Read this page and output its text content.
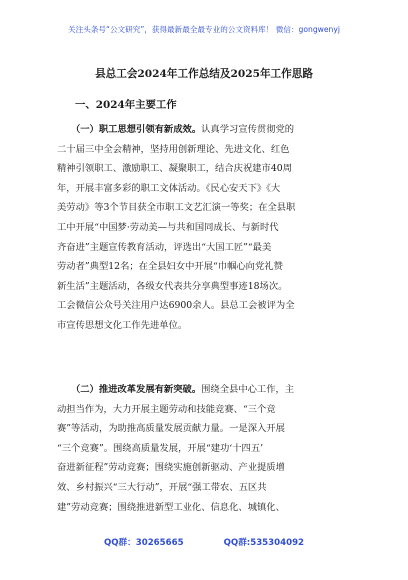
关注头条号“公文研究”，获得最新最全最专业的公文资料库！ 微信：gongwenyj
县总工会2024年工作总结及2025年工作思路
一、2024年主要工作
　　（一）职工思想引领有新成效。认真学习宣传贯彻党的
二十届三中全会精神，坚持用创新理论、先进文化、红色
精神引领职工、激励职工、凝聚职工，结合庆祝建市40周
年，开展丰富多彩的职工文体活动。《民心安天下》《大
美劳动》等3个节目获全市职工文艺汇演一等奖；在全县职
工中开展“中国梦·劳动美—与共和国同成长、与新时代
齐奋进”主题宣传教育活动，评选出“大国工匠”“最美
劳动者”典型12名；在全县妇女中开展“巾帼心向党礼赞
新生活”主题活动，各级女代表共分享典型事迹18场次。
工会微信公众号关注用户达6900余人。县总工会被评为全
市宣传思想文化工作先进单位。
　　（二）推进改革发展有新突破。围绕全县中心工作，主
动担当作为，大力开展主题劳动和技能竞赛、“三个竞
赛”等活动，为助推高质量发展贡献力量。一是深入开展
“三个竞赛”。围绕高质量发展，开展“建功‘十四五’
奋进新征程”劳动竞赛；围绕实施创新驱动、产业提质增
效、乡村振兴“三大行动”，开展“强工带农、五区共
建”劳动竞赛；围绕推进新型工业化、信息化、城镇化、
QQ群：30265665	QQ群:535304092
